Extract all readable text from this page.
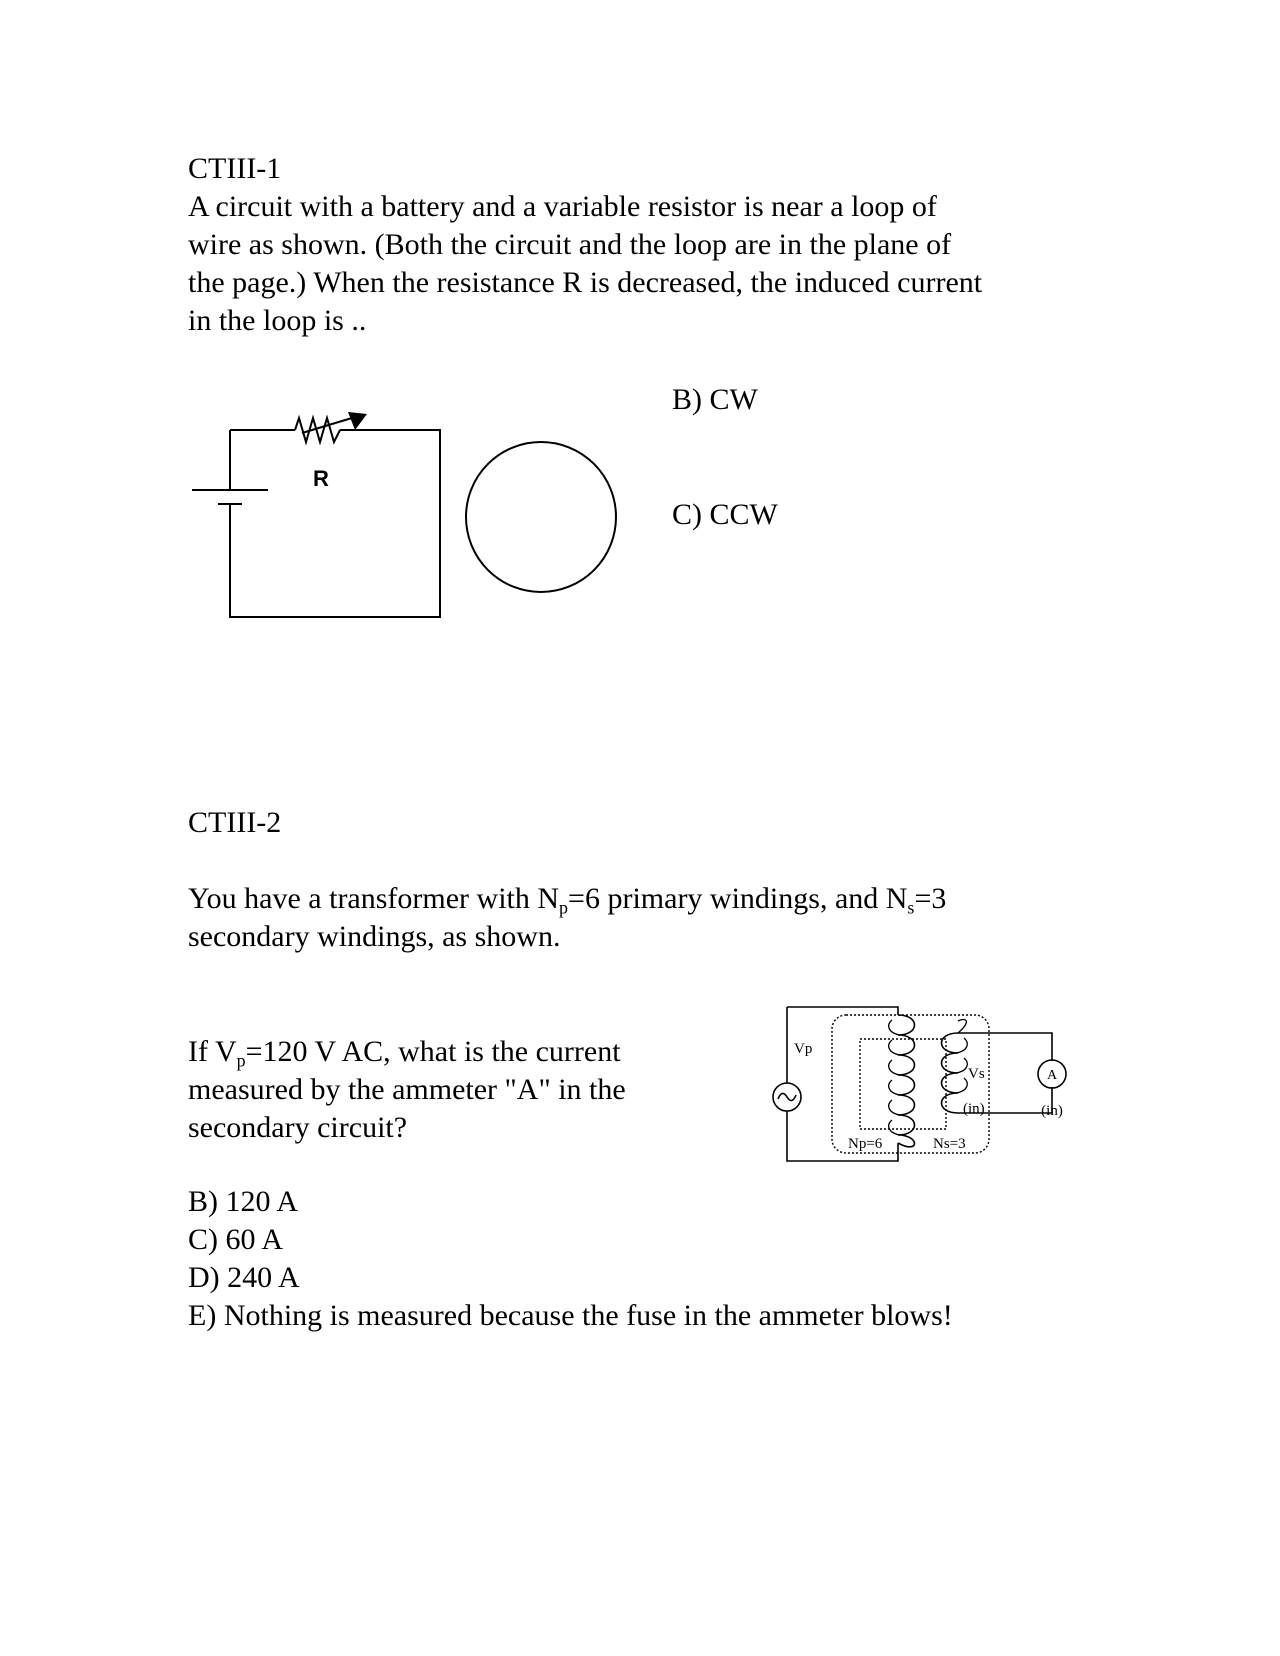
CTIII-1
A circuit with a battery and a variable resistor is near a loop of
wire as shown. (Both the circuit and the loop are in the plane of
the page.) When the resistance R is decreased, the induced current
in the loop is ..
R
B) CW
C) CCW
CTIII-2
You have a transformer with $N_p=6$ primary windings, and $N_s=3$
secondary windings, as shown.
If $V_p=120$ V AC, what is the current
measured by the ammeter "A" in the
secondary circuit?
Vp
Vs
(in)
A
(in)
Np=6	Ns=3
B) 120 A
C) 60 A
D) 240 A
E) Nothing is measured because the fuse in the ammeter blows!
